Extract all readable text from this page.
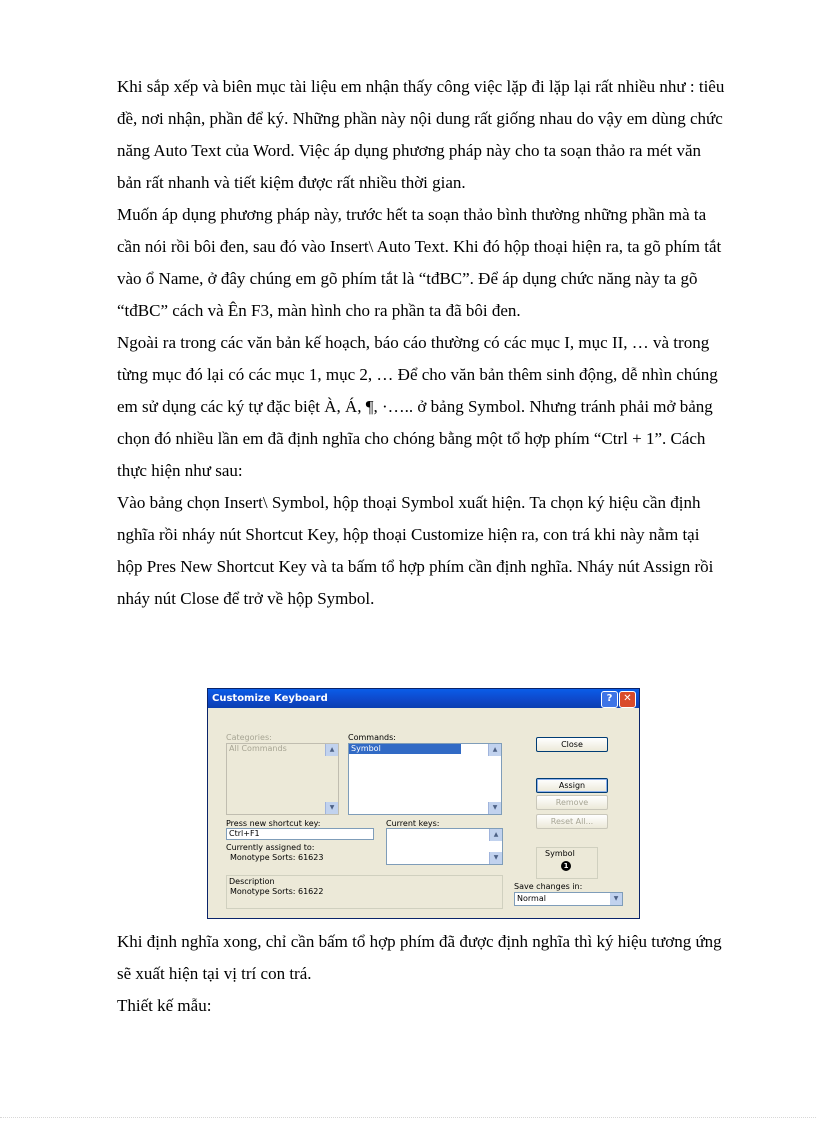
Khi sắp xếp và biên mục tài liệu em nhận thấy công việc lặp đi lặp lại rất nhiều như : tiêu đề, nơi nhận, phần để ký. Những phần này nội dung rất giống nhau do vậy em dùng chức năng Auto Text của Word. Việc áp dụng phương pháp này cho ta soạn thảo ra mét văn bản rất nhanh và tiết kiệm được rất nhiều thời gian.

Muốn áp dụng phương pháp này, trước hết ta soạn thảo bình thường những phần mà ta cần nói rồi bôi đen, sau đó vào Insert\ Auto Text. Khi đó hộp thoại hiện ra, ta gõ phím tắt vào ổ Name, ở đây chúng em gõ phím tắt là “tđBC”. Để áp dụng chức năng này ta gõ “tđBC” cách và Ên F3, màn hình cho ra phần ta đã bôi đen.

Ngoài ra trong các văn bản kế hoạch, báo cáo thường có các mục I, mục II, … và trong từng mục đó lại có các mục 1, mục 2, … Để cho văn bản thêm sinh động, dễ nhìn chúng em sử dụng các ký tự đặc biệt À, Á, ¶, ·….. ở bảng Symbol. Nhưng tránh phải mở bảng chọn đó nhiều lần em đã định nghĩa cho chóng bằng một tổ hợp phím “Ctrl + 1”. Cách thực hiện như sau:

Vào bảng chọn Insert\ Symbol, hộp thoại Symbol xuất hiện. Ta chọn ký hiệu cần định nghĩa rồi nháy nút Shortcut Key, hộp thoại Customize hiện ra, con trá khi này nằm tại hộp Pres New Shortcut Key và ta bấm tổ hợp phím cần định nghĩa. Nháy nút Assign rồi nháy nút Close để trở về hộp Symbol.

Customize Keyboard	?	✕
Categories:
All Commands	▲
▼
Commands:
Symbol	▲
▼
Close
Assign
Remove
Reset All...
Press new shortcut key:
Ctrl+F1
Current keys:
▲
▼
Currently assigned to:
Monotype Sorts: 61623	Symbol
1
Description
Monotype Sorts: 61622
Save changes in:
Normal	▼

Khi định nghĩa xong, chỉ cần bấm tổ hợp phím đã được định nghĩa thì ký hiệu tương ứng sẽ xuất hiện tại vị trí con trá.

Thiết kế mẫu:
